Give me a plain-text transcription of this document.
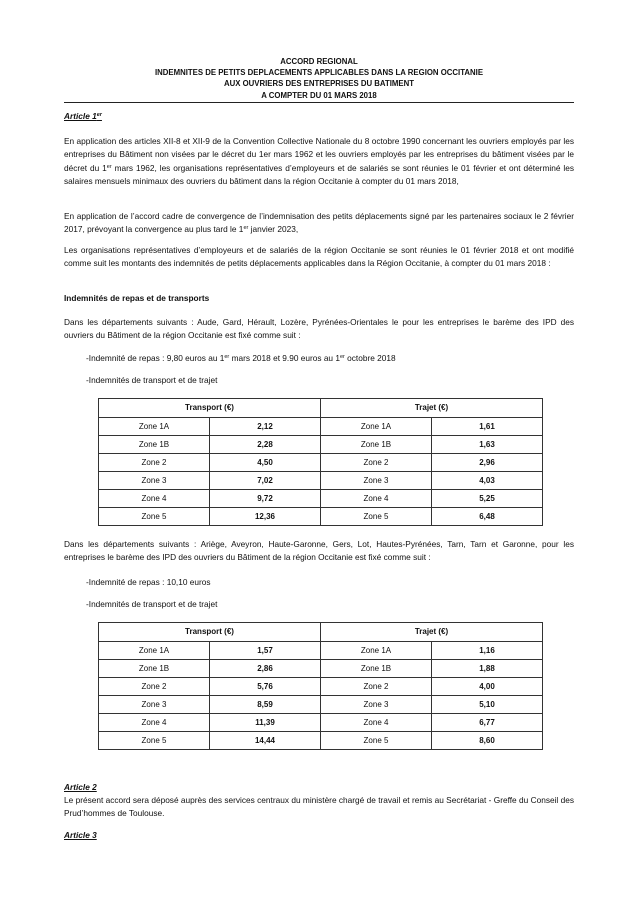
ACCORD REGIONAL
INDEMNITES DE PETITS DEPLACEMENTS APPLICABLES DANS LA REGION OCCITANIE
AUX OUVRIERS DES ENTREPRISES DU BATIMENT
A COMPTER DU 01 MARS 2018
Article 1er
En application des articles XII-8 et XII-9 de la Convention Collective Nationale du 8 octobre 1990 concernant les ouvriers employés par les entreprises du Bâtiment non visées par le décret du 1er mars 1962 et les ouvriers employés par les entreprises du bâtiment visées par le décret du 1er mars 1962, les organisations représentatives d’employeurs et de salariés se sont réunies le 01 février et ont déterminé les salaires mensuels minimaux des ouvriers du bâtiment dans la région Occitanie à compter du 01 mars 2018,
En application de l’accord cadre de convergence de l’indemnisation des petits déplacements signé par les partenaires sociaux le 2 février 2017, prévoyant la convergence au plus tard le 1er janvier 2023,
Les organisations représentatives d’employeurs et de salariés de la région Occitanie se sont réunies le 01 février 2018 et ont modifié comme suit les montants des indemnités de petits déplacements applicables dans la Région Occitanie, à compter du 01 mars 2018 :
Indemnités de repas et de transports
Dans les départements suivants : Aude, Gard, Hérault, Lozère, Pyrénées-Orientales le pour les entreprises le barème des IPD des ouvriers du Bâtiment de la région Occitanie est fixé comme suit :
-Indemnité de repas : 9,80 euros au 1er mars 2018 et 9.90 euros au 1er octobre 2018
-Indemnités de transport et de trajet
Transport (€)		Trajet (€)	
Zone 1A	2,12	Zone 1A	1,61
Zone 1B	2,28	Zone 1B	1,63
Zone 2	4,50	Zone 2	2,96
Zone 3	7,02	Zone 3	4,03
Zone 4	9,72	Zone 4	5,25
Zone 5	12,36	Zone 5	6,48
Dans les départements suivants : Ariège, Aveyron, Haute-Garonne, Gers, Lot, Hautes-Pyrénées, Tarn, Tarn et Garonne, pour les entreprises le barème des IPD des ouvriers du Bâtiment de la région Occitanie est fixé comme suit :
-Indemnité de repas : 10,10 euros
-Indemnités de transport et de trajet
Transport (€)		Trajet (€)	
Zone 1A	1,57	Zone 1A	1,16
Zone 1B	2,86	Zone 1B	1,88
Zone 2	5,76	Zone 2	4,00
Zone 3	8,59	Zone 3	5,10
Zone 4	11,39	Zone 4	6,77
Zone 5	14,44	Zone 5	8,60
Article 2
Le présent accord sera déposé auprès des services centraux du ministère chargé de travail et remis au Secrétariat - Greffe du Conseil des Prud’hommes de Toulouse.
Article 3
